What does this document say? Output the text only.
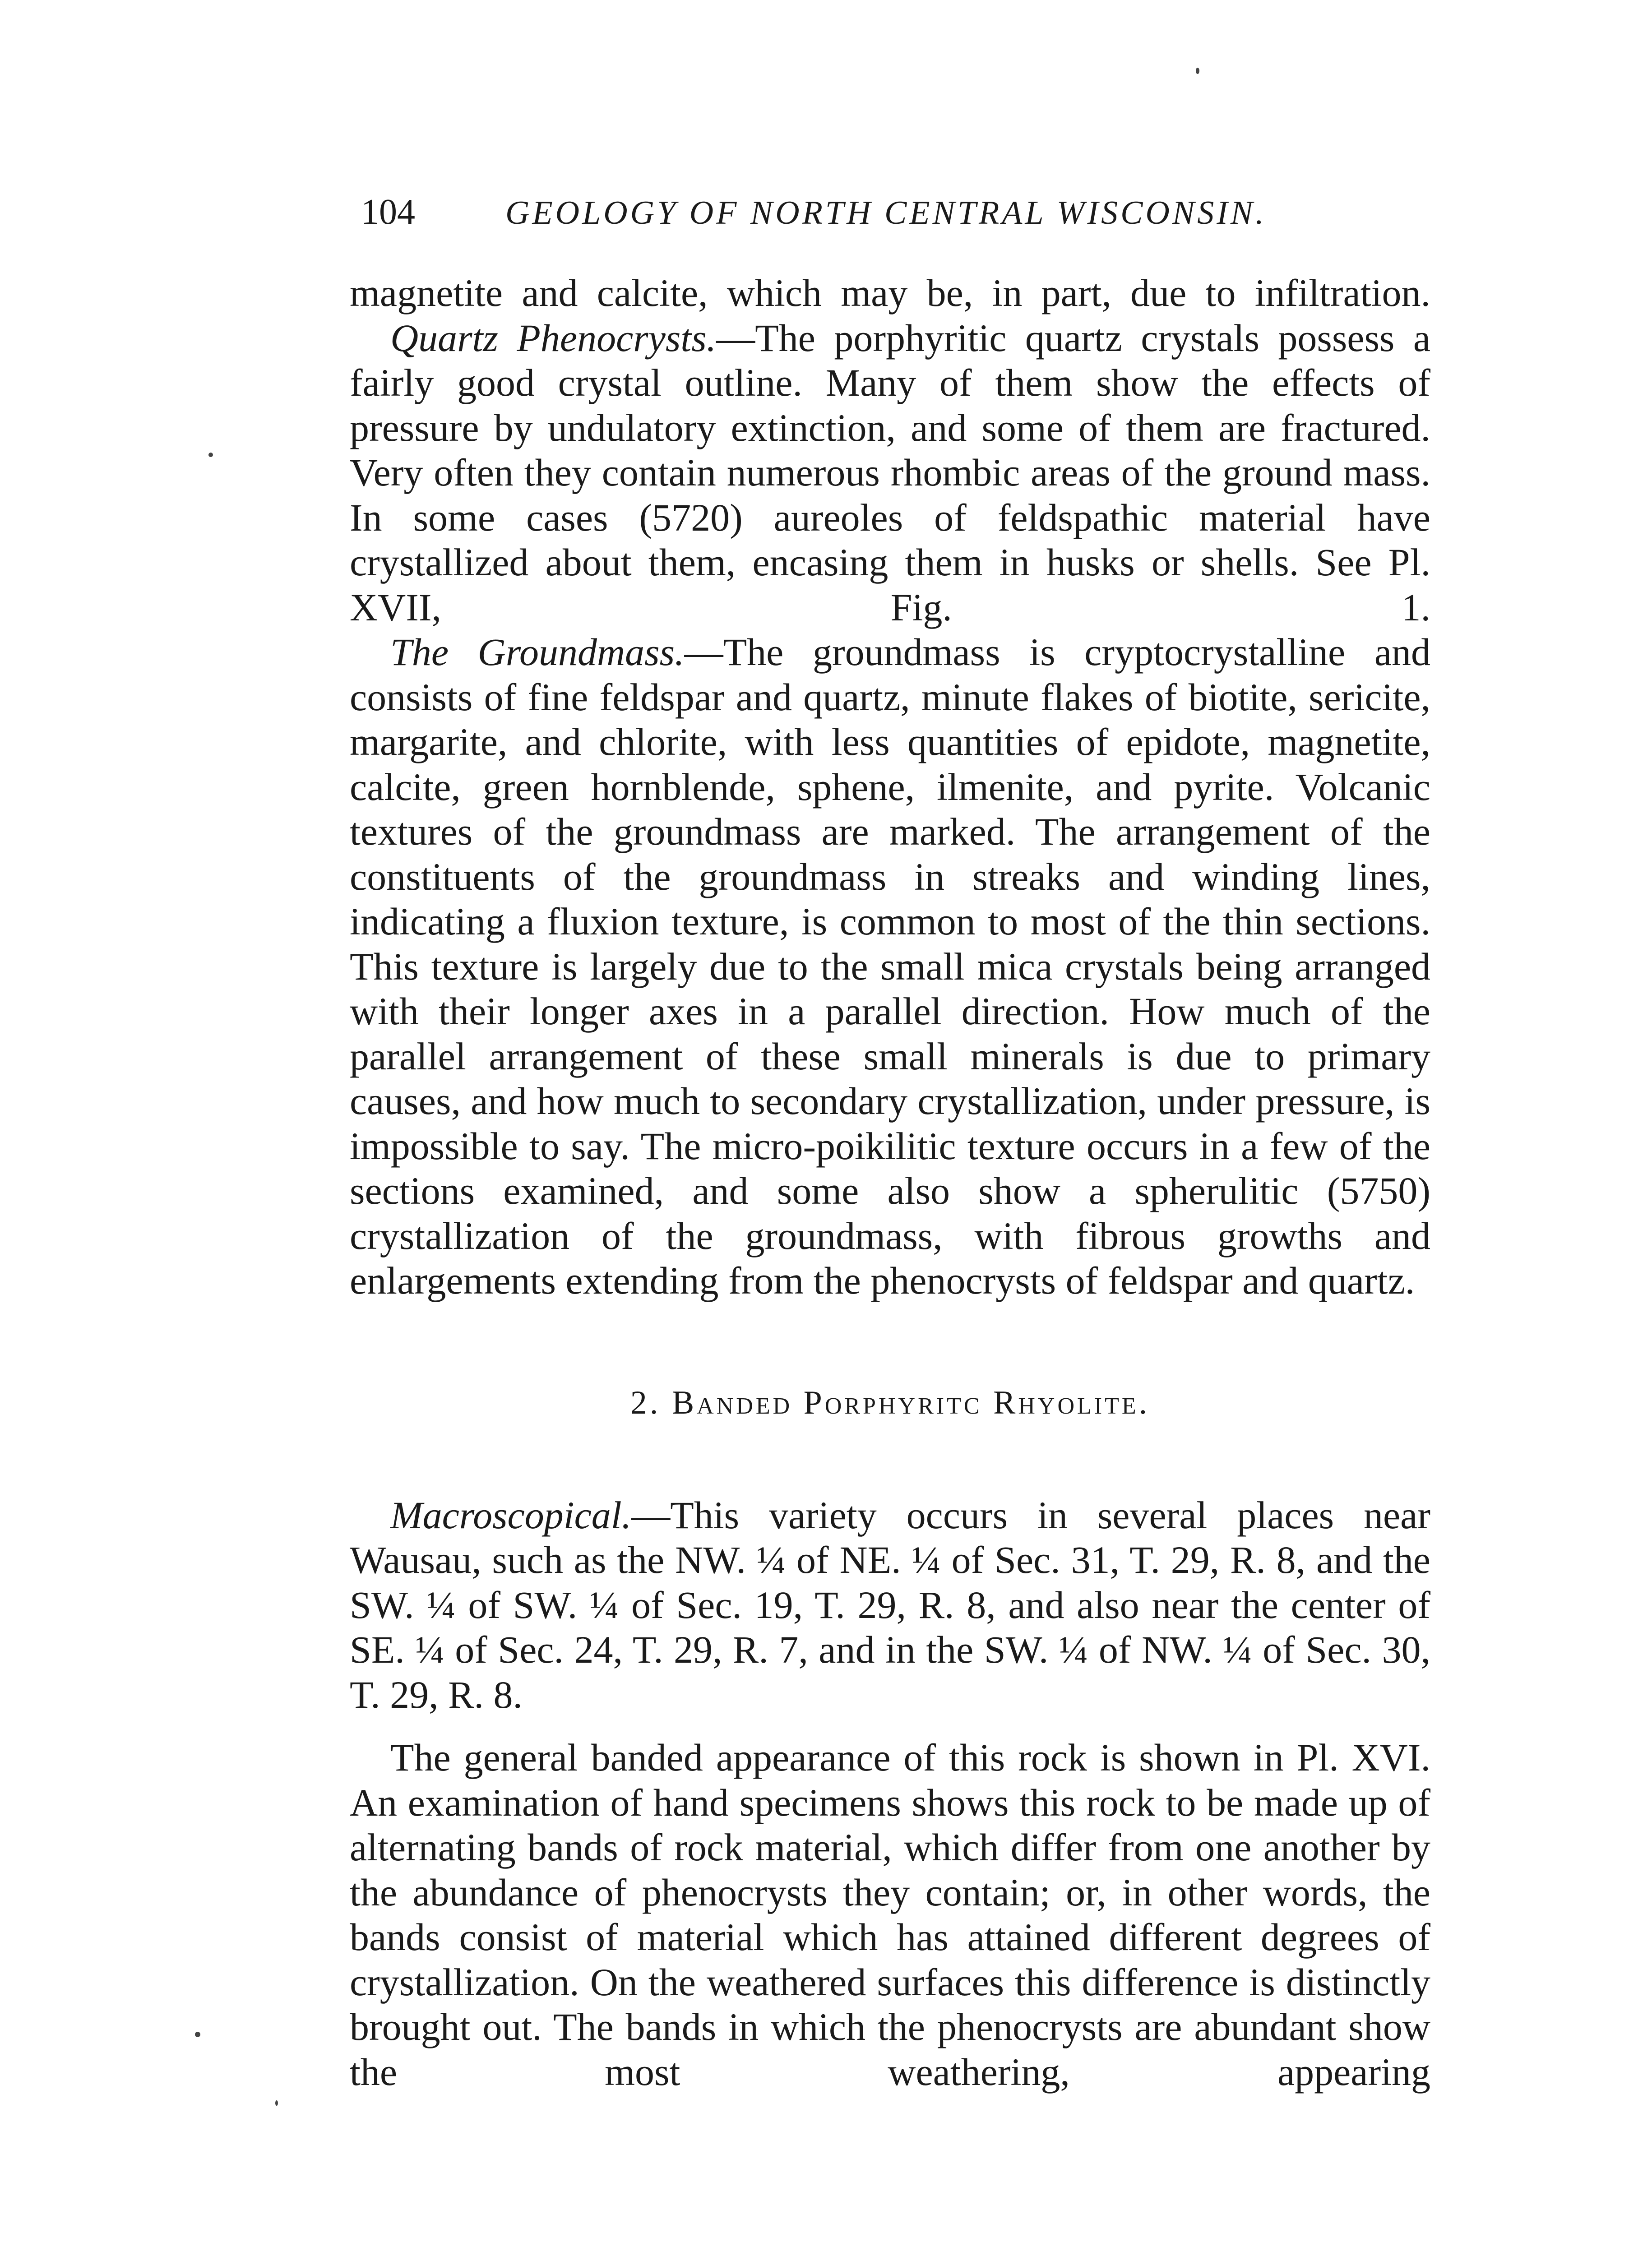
104	GEOLOGY OF NORTH CENTRAL WISCONSIN.

magnetite and calcite, which may be, in part, due to infiltration.

Quartz Phenocrysts.—The porphyritic quartz crystals possess a fairly good crystal outline. Many of them show the effects of pressure by undulatory extinction, and some of them are fractured. Very often they contain numerous rhombic areas of the ground mass. In some cases (5720) aureoles of feldspathic material have crystallized about them, encasing them in husks or shells. See Pl. XVII, Fig. 1.

The Groundmass.—The groundmass is cryptocrystalline and consists of fine feldspar and quartz, minute flakes of biotite, sericite, margarite, and chlorite, with less quantities of epidote, magnetite, calcite, green hornblende, sphene, ilmenite, and pyrite. Volcanic textures of the groundmass are marked. The arrangement of the constituents of the groundmass in streaks and winding lines, indicating a fluxion texture, is common to most of the thin sections. This texture is largely due to the small mica crystals being arranged with their longer axes in a parallel direction. How much of the parallel arrangement of these small minerals is due to primary causes, and how much to secondary crystallization, under pressure, is impossible to say. The micro-poikilitic texture occurs in a few of the sections examined, and some also show a spherulitic (5750) crystallization of the groundmass, with fibrous growths and enlargements extending from the phenocrysts of feldspar and quartz.

2. Banded Porphyritc Rhyolite.

Macroscopical.—This variety occurs in several places near Wausau, such as the NW. ¼ of NE. ¼ of Sec. 31, T. 29, R. 8, and the SW. ¼ of SW. ¼ of Sec. 19, T. 29, R. 8, and also near the center of SE. ¼ of Sec. 24, T. 29, R. 7, and in the SW. ¼ of NW. ¼ of Sec. 30, T. 29, R. 8.

The general banded appearance of this rock is shown in Pl. XVI. An examination of hand specimens shows this rock to be made up of alternating bands of rock material, which differ from one another by the abundance of phenocrysts they contain; or, in other words, the bands consist of material which has attained different degrees of crystallization. On the weathered surfaces this difference is distinctly brought out. The bands in which the phenocrysts are abundant show the most weathering, appearing
